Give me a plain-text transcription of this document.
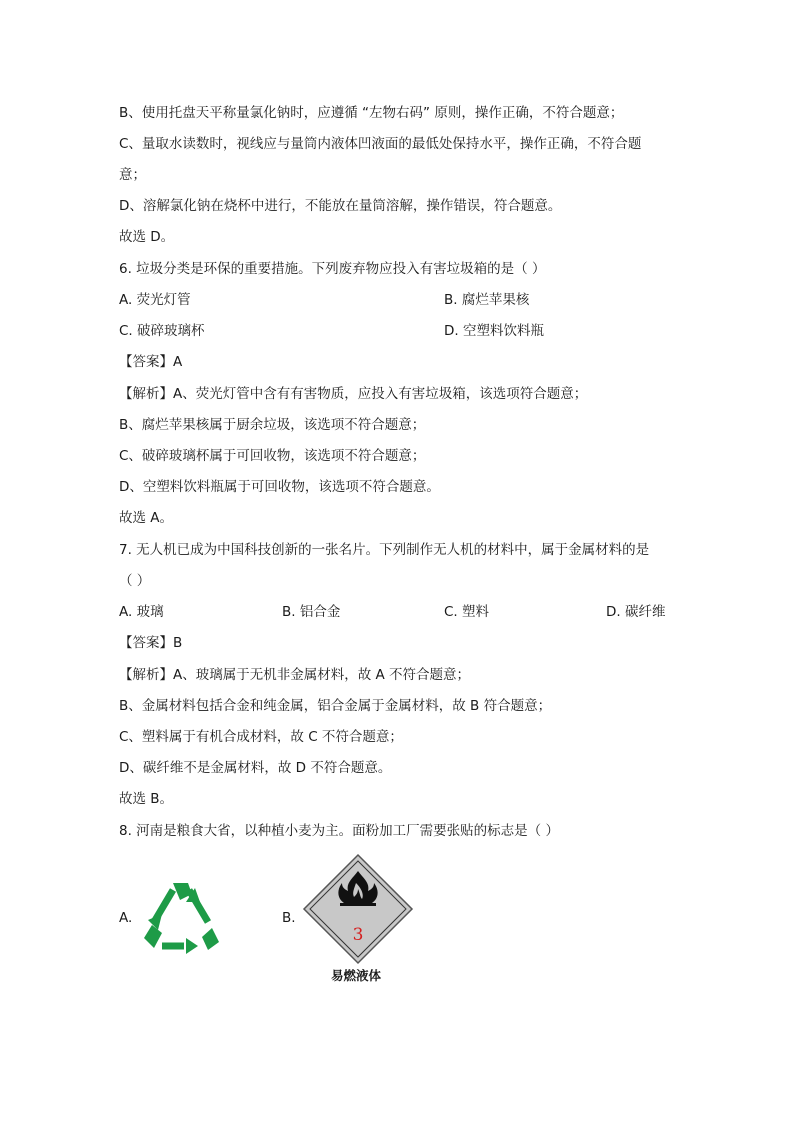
B、使用托盘天平称量氯化钠时，应遵循 “左物右码” 原则，操作正确，不符合题意；
C、量取水读数时，视线应与量筒内液体凹液面的最低处保持水平，操作正确，不符合题
意；
D、溶解氯化钠在烧杯中进行，不能放在量筒溶解，操作错误，符合题意。
故选 D。
6. 垃圾分类是环保的重要措施。下列废弃物应投入有害垃圾箱的是（ ）
A. 荧光灯管	B. 腐烂苹果核
C. 破碎玻璃杯	D. 空塑料饮料瓶
【答案】A
【解析】A、荧光灯管中含有有害物质，应投入有害垃圾箱，该选项符合题意；
B、腐烂苹果核属于厨余垃圾，该选项不符合题意；
C、破碎玻璃杯属于可回收物，该选项不符合题意；
D、空塑料饮料瓶属于可回收物，该选项不符合题意。
故选 A。
7. 无人机已成为中国科技创新的一张名片。下列制作无人机的材料中，属于金属材料的是
（ ）
A. 玻璃	B. 铝合金	C. 塑料	D. 碳纤维
【答案】B
【解析】A、玻璃属于无机非金属材料，故 A 不符合题意；
B、金属材料包括合金和纯金属，铝合金属于金属材料，故 B 符合题意；
C、塑料属于有机合成材料，故 C 不符合题意；
D、碳纤维不是金属材料，故 D 不符合题意。
故选 B。
8. 河南是粮食大省，以种植小麦为主。面粉加工厂需要张贴的标志是（ ）
A.	B.
3
易燃液体
